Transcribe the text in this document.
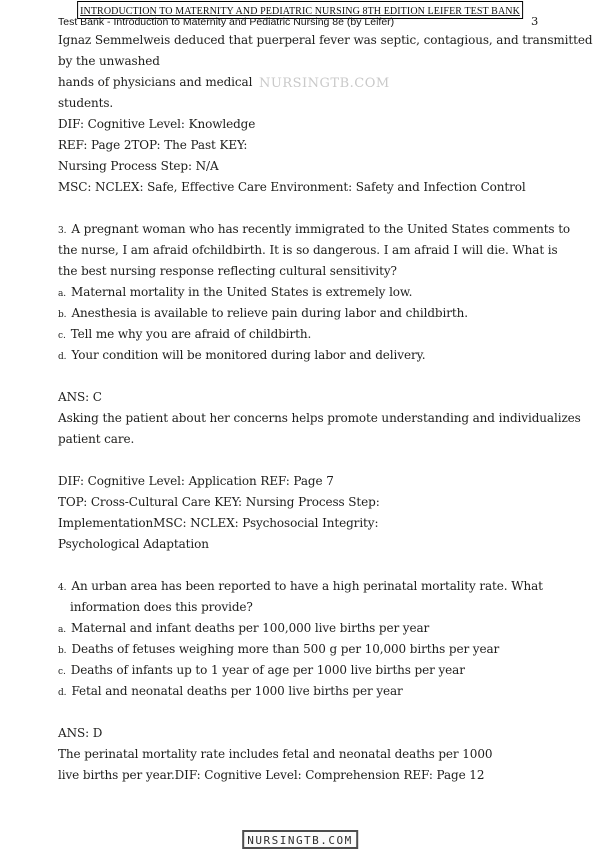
INTRODUCTION TO MATERNITY AND PEDIATRIC NURSING 8TH EDITION LEIFER TEST BANK
Test Bank - Introduction to Maternity and Pediatric Nursing 8e (by Leifer)	3
NURSINGTB.COM
Ignaz Semmelweis deduced that puerperal fever was septic, contagious, and transmitted
by the unwashed
hands of physicians and medical
students.
DIF: Cognitive Level: Knowledge
REF: Page 2TOP: The Past KEY:
Nursing Process Step: N/A
MSC: NCLEX: Safe, Effective Care Environment: Safety and Infection Control
3. A pregnant woman who has recently immigrated to the United States comments to
the nurse, I am afraid ofchildbirth. It is so dangerous. I am afraid I will die. What is
the best nursing response reflecting cultural sensitivity?
a. Maternal mortality in the United States is extremely low.
b. Anesthesia is available to relieve pain during labor and childbirth.
c. Tell me why you are afraid of childbirth.
d. Your condition will be monitored during labor and delivery.
ANS: C
Asking the patient about her concerns helps promote understanding and individualizes
patient care.
DIF: Cognitive Level: Application REF: Page 7
TOP: Cross-Cultural Care KEY: Nursing Process Step:
ImplementationMSC: NCLEX: Psychosocial Integrity:
Psychological Adaptation
4. An urban area has been reported to have a high perinatal mortality rate. What
information does this provide?
a. Maternal and infant deaths per 100,000 live births per year
b. Deaths of fetuses weighing more than 500 g per 10,000 births per year
c. Deaths of infants up to 1 year of age per 1000 live births per year
d. Fetal and neonatal deaths per 1000 live births per year
ANS: D
The perinatal mortality rate includes fetal and neonatal deaths per 1000
live births per year.DIF: Cognitive Level: Comprehension REF: Page 12
NURSINGTB.COM
